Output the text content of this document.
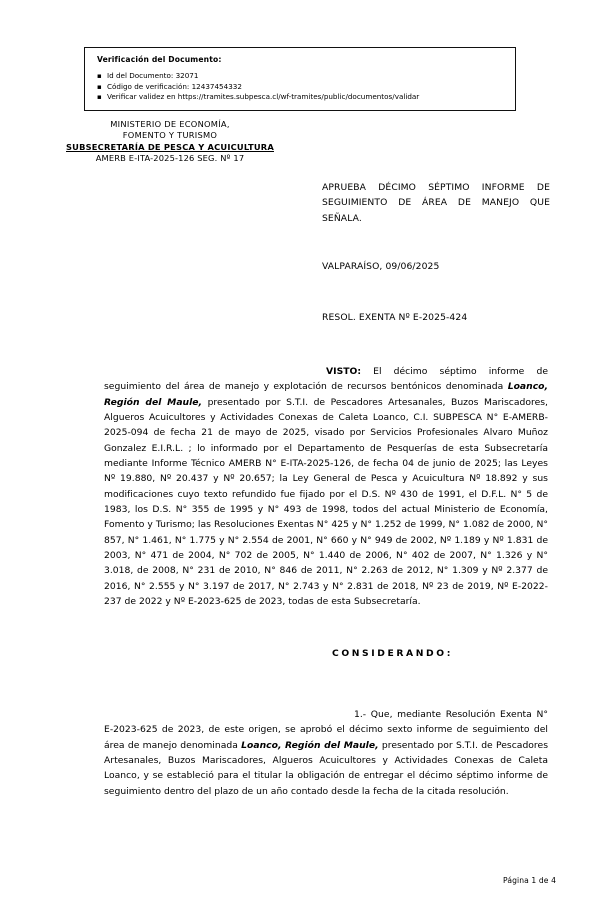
Verificación del Documento:
▪ Id del Documento: 32071
▪ Código de verificación: 12437454332
▪ Verificar validez en https://tramites.subpesca.cl/wf-tramites/public/documentos/validar
MINISTERIO DE ECONOMÍA,
FOMENTO Y TURISMO
SUBSECRETARÍA DE PESCA Y ACUICULTURA
AMERB E-ITA-2025-126 SEG. Nº 17
APRUEBA DÉCIMO SÉPTIMO INFORME DE SEGUIMIENTO DE ÁREA DE MANEJO QUE SEÑALA.
VALPARAÍSO, 09/06/2025
RESOL. EXENTA Nº E-2025-424
VISTO: El décimo séptimo informe de seguimiento del área de manejo y explotación de recursos bentónicos denominada Loanco, Región del Maule, presentado por S.T.I. de Pescadores Artesanales, Buzos Mariscadores, Algueros Acuicultores y Actividades Conexas de Caleta Loanco, C.I. SUBPESCA N° E-AMERB-2025-094 de fecha 21 de mayo de 2025, visado por Servicios Profesionales Alvaro Muñoz Gonzalez E.I.R.L. ; lo informado por el Departamento de Pesquerías de esta Subsecretaría mediante Informe Técnico AMERB N° E-ITA-2025-126, de fecha 04 de junio de 2025; las Leyes Nº 19.880, Nº 20.437 y Nº 20.657; la Ley General de Pesca y Acuicultura Nº 18.892 y sus modificaciones cuyo texto refundido fue fijado por el D.S. Nº 430 de 1991, el D.F.L. N° 5 de 1983, los D.S. N° 355 de 1995 y N° 493 de 1998, todos del actual Ministerio de Economía, Fomento y Turismo; las Resoluciones Exentas N° 425 y N° 1.252 de 1999, N° 1.082 de 2000, N° 857, N° 1.461, N° 1.775 y N° 2.554 de 2001, N° 660 y N° 949 de 2002, Nº 1.189 y Nº 1.831 de 2003, N° 471 de 2004, N° 702 de 2005, N° 1.440 de 2006, N° 402 de 2007, N° 1.326 y N° 3.018, de 2008, N° 231 de 2010, N° 846 de 2011, N° 2.263 de 2012, N° 1.309 y Nº 2.377 de 2016, N° 2.555 y N° 3.197 de 2017, N° 2.743 y N° 2.831 de 2018, Nº 23 de 2019, Nº E-2022-237 de 2022 y Nº E-2023-625 de 2023, todas de esta Subsecretaría.
CONSIDERANDO:
1.- Que, mediante Resolución Exenta N° E-2023-625 de 2023, de este origen, se aprobó el décimo sexto informe de seguimiento del área de manejo denominada Loanco, Región del Maule, presentado por S.T.I. de Pescadores Artesanales, Buzos Mariscadores, Algueros Acuicultores y Actividades Conexas de Caleta Loanco, y se estableció para el titular la obligación de entregar el décimo séptimo informe de seguimiento dentro del plazo de un año contado desde la fecha de la citada resolución.
Página 1 de 4
